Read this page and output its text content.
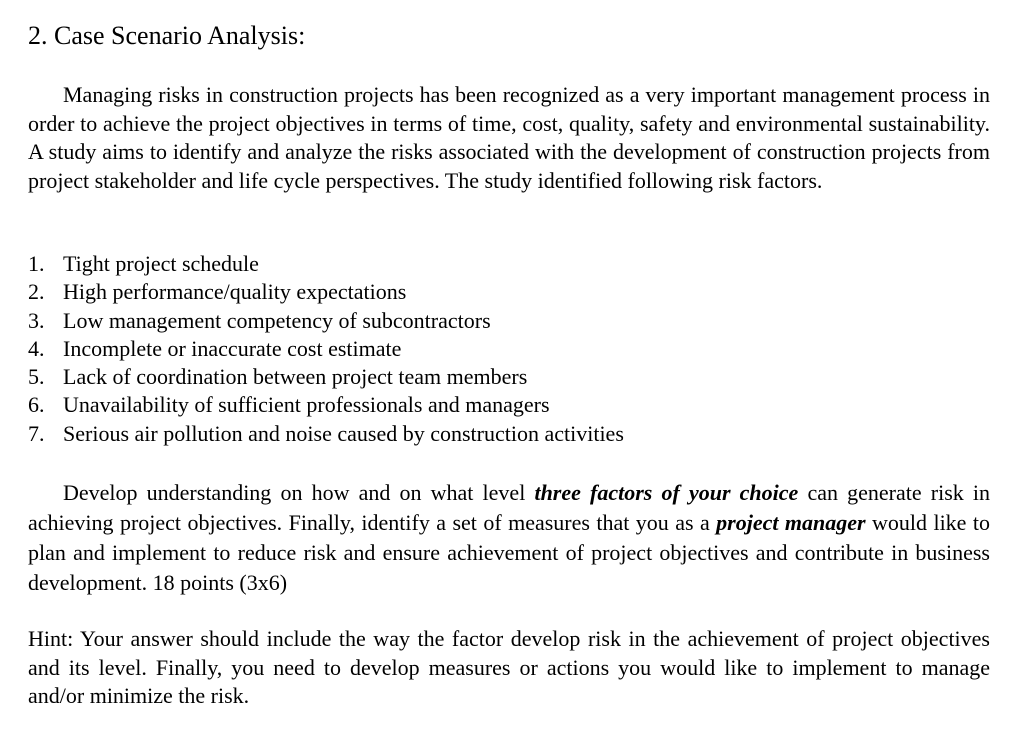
2. Case Scenario Analysis:

Managing risks in construction projects has been recognized as a very important management process in order to achieve the project objectives in terms of time, cost, quality, safety and environmental sustainability. A study aims to identify and analyze the risks associated with the development of construction projects from project stakeholder and life cycle perspectives. The study identified following risk factors.

1. Tight project schedule
2. High performance/quality expectations
3. Low management competency of subcontractors
4. Incomplete or inaccurate cost estimate
5. Lack of coordination between project team members
6. Unavailability of sufficient professionals and managers
7. Serious air pollution and noise caused by construction activities

Develop understanding on how and on what level three factors of your choice can generate risk in achieving project objectives. Finally, identify a set of measures that you as a project manager would like to plan and implement to reduce risk and ensure achievement of project objectives and contribute in business development. 18 points (3x6)

Hint: Your answer should include the way the factor develop risk in the achievement of project objectives and its level. Finally, you need to develop measures or actions you would like to implement to manage and/or minimize the risk.
